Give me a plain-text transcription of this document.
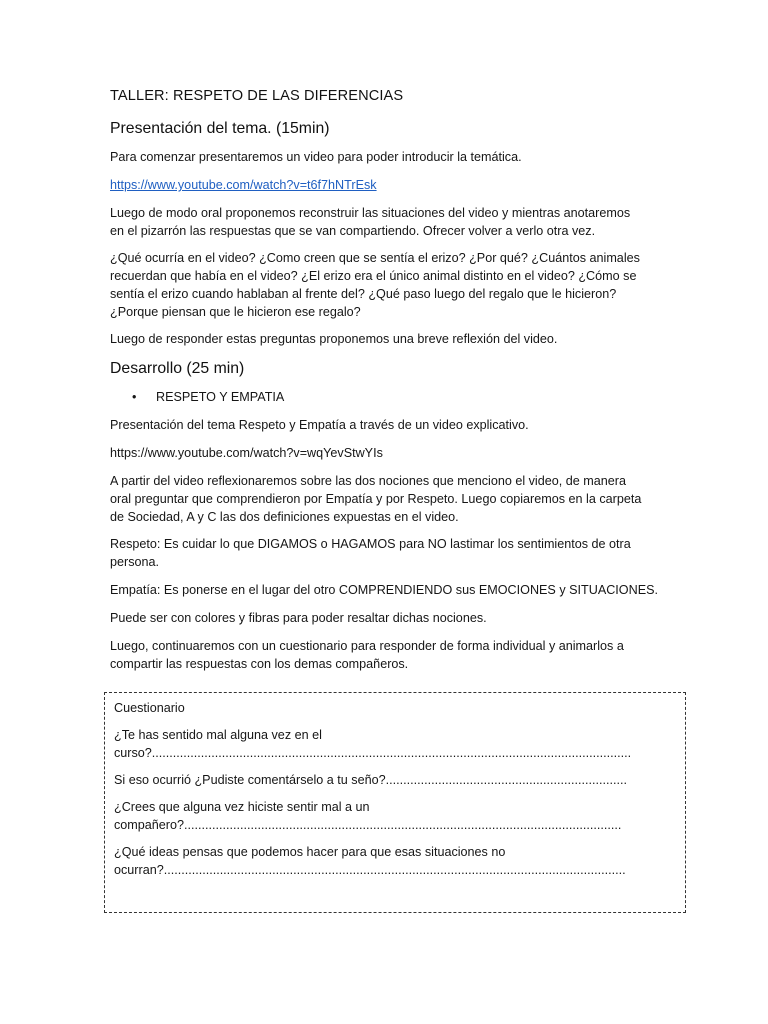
TALLER: RESPETO DE LAS DIFERENCIAS

Presentación del tema. (15min)

Para comenzar presentaremos un video para poder introducir la temática.

https://www.youtube.com/watch?v=t6f7hNTrEsk

Luego de modo oral proponemos reconstruir las situaciones del video y mientras anotaremos

en el pizarrón las respuestas que se van compartiendo. Ofrecer volver a verlo otra vez.

¿Qué ocurría en el video? ¿Como creen que se sentía el erizo? ¿Por qué? ¿Cuántos animales

recuerdan que había en el video? ¿El erizo era el único animal distinto en el video? ¿Cómo se

sentía el erizo cuando hablaban al frente del? ¿Qué paso luego del regalo que le hicieron?

¿Porque piensan que le hicieron ese regalo?

Luego de responder estas preguntas proponemos una breve reflexión del video.

Desarrollo (25 min)

• RESPETO Y EMPATIA

Presentación del tema Respeto y Empatía a través de un video explicativo.

https://www.youtube.com/watch?v=wqYevStwYIs

A partir del video reflexionaremos sobre las dos nociones que menciono el video, de manera

oral preguntar que comprendieron por Empatía y por Respeto. Luego copiaremos en la carpeta

de Sociedad, A y C las dos definiciones expuestas en el video.

Respeto: Es cuidar lo que DIGAMOS o HAGAMOS para NO lastimar los sentimientos de otra

persona.

Empatía: Es ponerse en el lugar del otro COMPRENDIENDO sus EMOCIONES y SITUACIONES.

Puede ser con colores y fibras para poder resaltar dichas nociones.

Luego, continuaremos con un cuestionario para responder de forma individual y animarlos a

compartir las respuestas con los demas compañeros.

Cuestionario

¿Te has sentido mal alguna vez en el

curso?.........................................................................................................................................

Si eso ocurrió ¿Pudiste comentárselo a tu seño?.....................................................................

¿Crees que alguna vez hiciste sentir mal a un

compañero?.............................................................................................................................

¿Qué ideas pensas que podemos hacer para que esas situaciones no

ocurran?....................................................................................................................................
